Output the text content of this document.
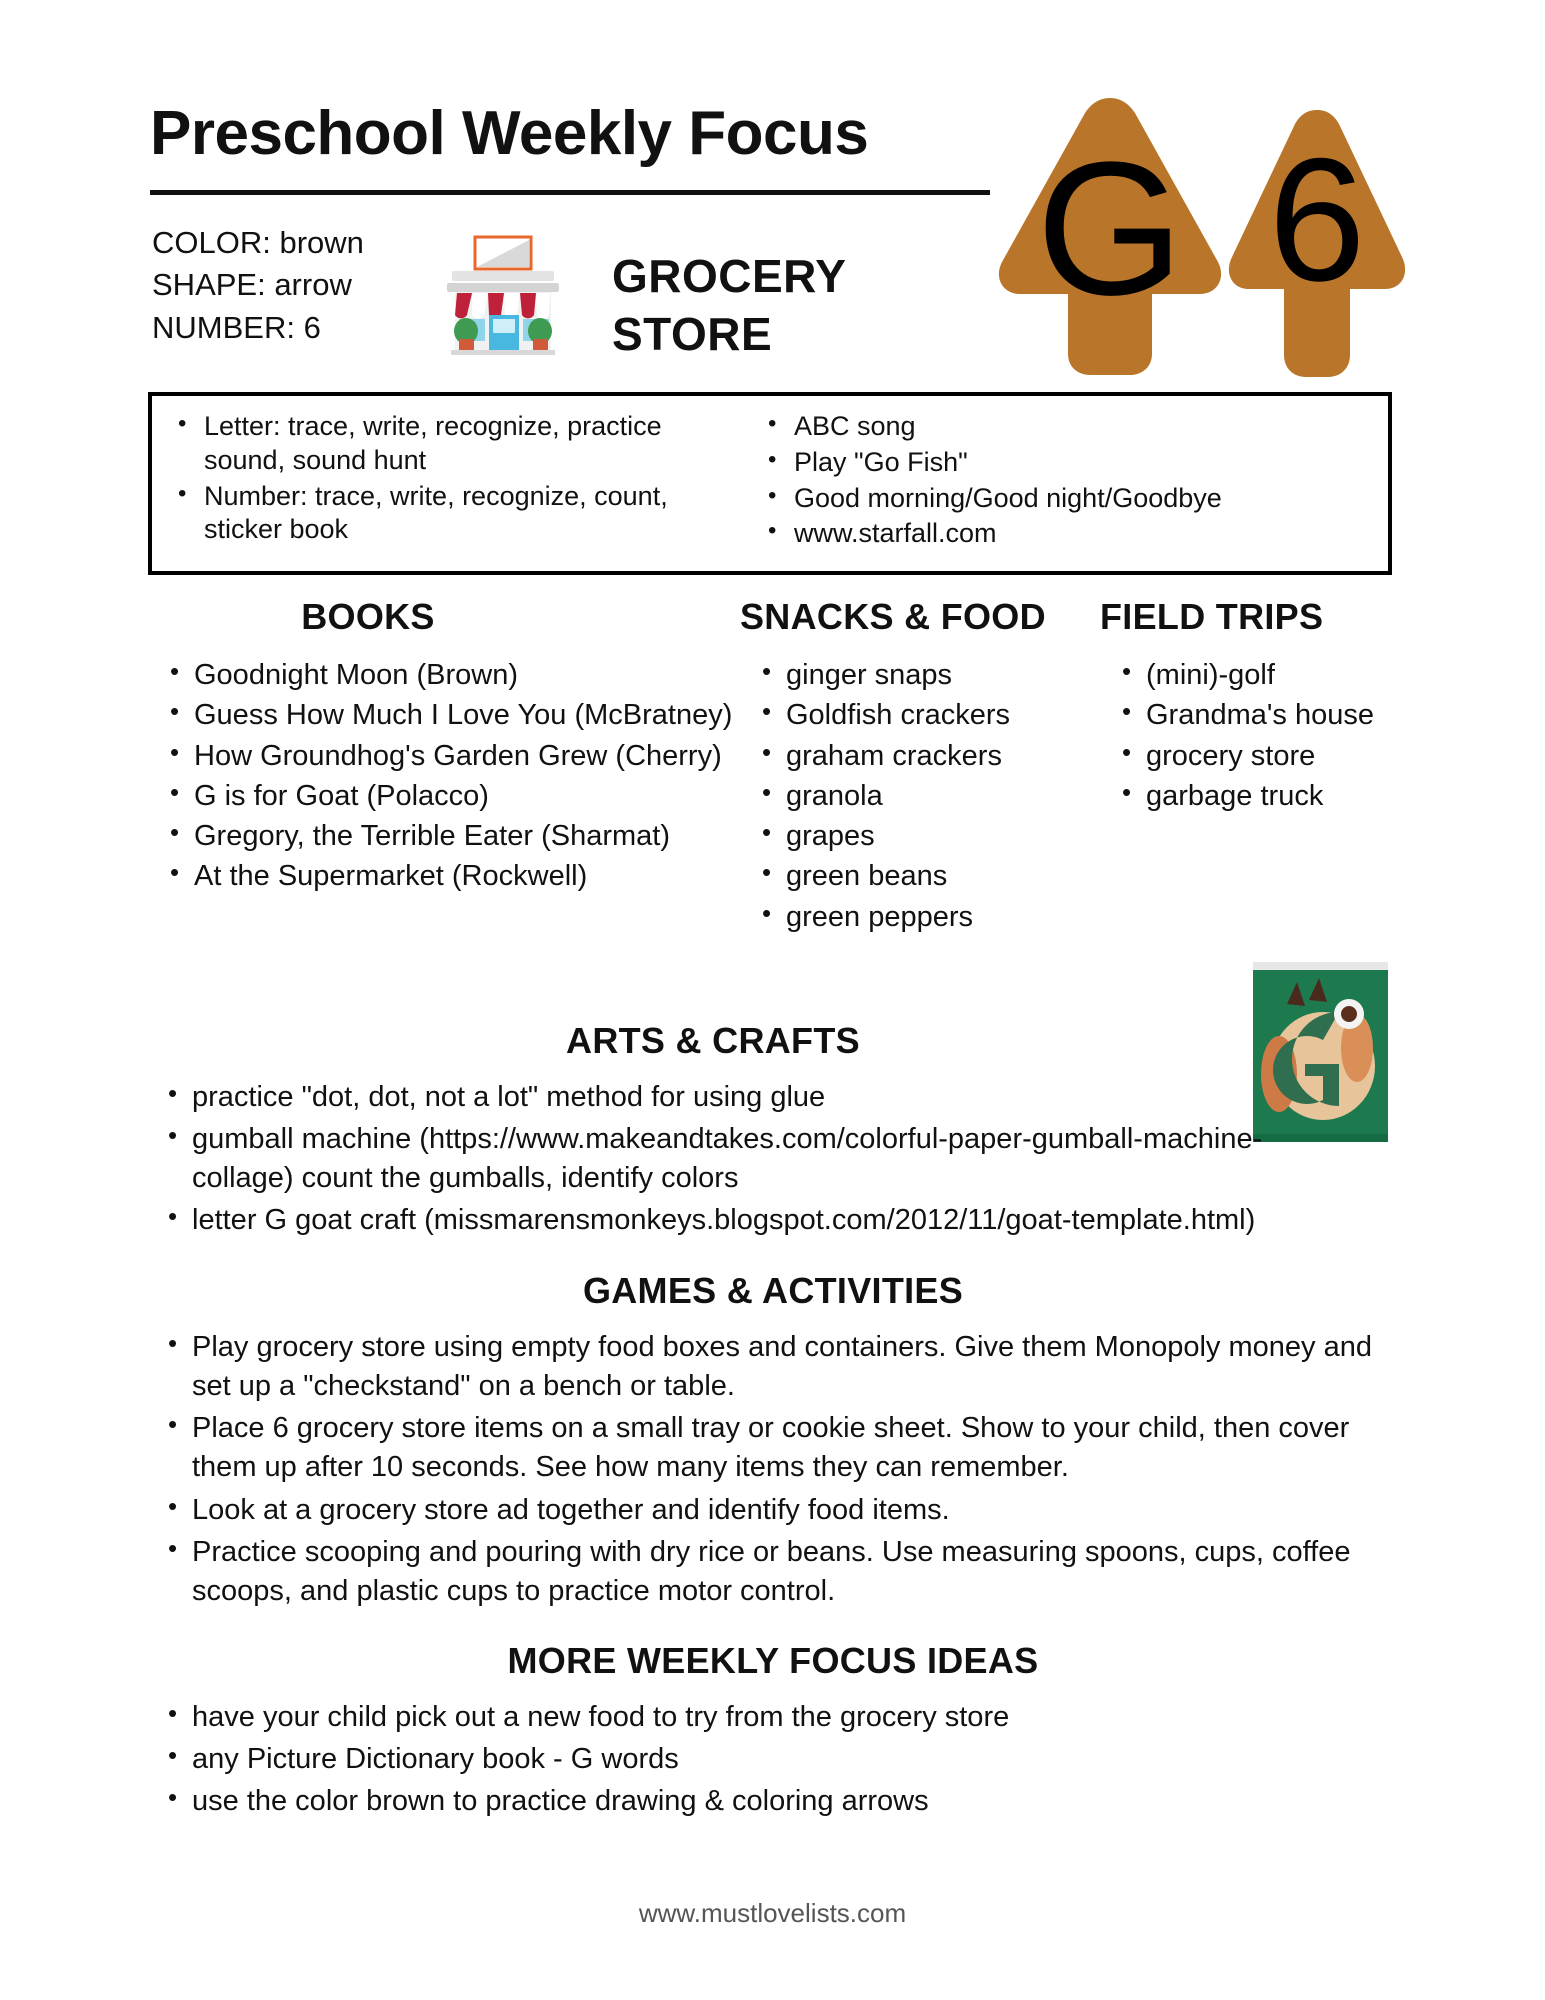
Preschool Weekly Focus
COLOR: brown
SHAPE: arrow
NUMBER: 6
GROCERY STORE	G 6
• Letter: trace, write, recognize, practice sound, sound hunt
• Number: trace, write, recognize, count, sticker book
• ABC song
• Play "Go Fish"
• Good morning/Good night/Goodbye
• www.starfall.com
BOOKS
• Goodnight Moon (Brown)
• Guess How Much I Love You (McBratney)
• How Groundhog's Garden Grew (Cherry)
• G is for Goat (Polacco)
• Gregory, the Terrible Eater (Sharmat)
• At the Supermarket (Rockwell)
SNACKS & FOOD
• ginger snaps
• Goldfish crackers
• graham crackers
• granola
• grapes
• green beans
• green peppers
FIELD TRIPS
• (mini)-golf
• Grandma's house
• grocery store
• garbage truck
ARTS & CRAFTS
• practice "dot, dot, not a lot" method for using glue
• gumball machine (https://www.makeandtakes.com/colorful-paper-gumball-machine-collage) count the gumballs, identify colors
• letter G goat craft (missmarensmonkeys.blogspot.com/2012/11/goat-template.html)
GAMES & ACTIVITIES
• Play grocery store using empty food boxes and containers. Give them Monopoly money and set up a "checkstand" on a bench or table.
• Place 6 grocery store items on a small tray or cookie sheet. Show to your child, then cover them up after 10 seconds. See how many items they can remember.
• Look at a grocery store ad together and identify food items.
• Practice scooping and pouring with dry rice or beans. Use measuring spoons, cups, coffee scoops, and plastic cups to practice motor control.
MORE WEEKLY FOCUS IDEAS
• have your child pick out a new food to try from the grocery store
• any Picture Dictionary book - G words
• use the color brown to practice drawing & coloring arrows
www.mustlovelists.com
